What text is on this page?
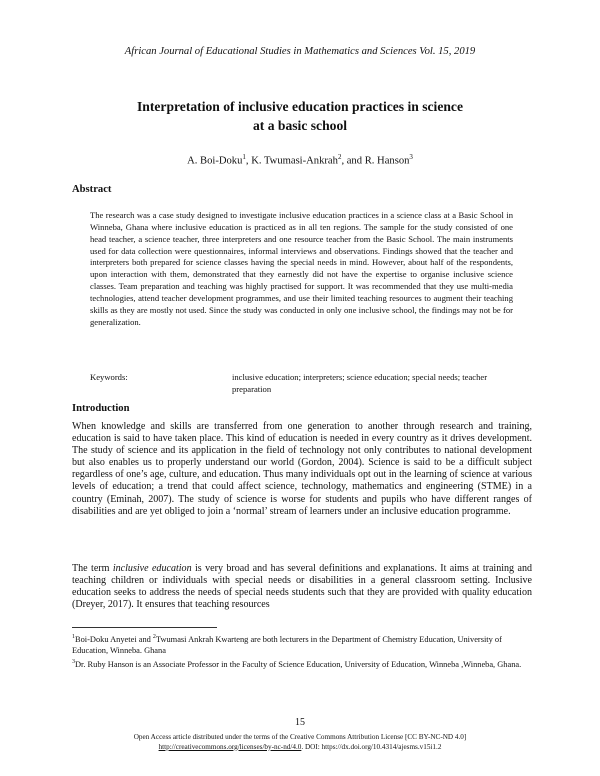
African Journal of Educational Studies in Mathematics and Sciences Vol. 15, 2019
Interpretation of inclusive education practices in science
at a basic school
A. Boi-Doku$^1$, K. Twumasi-Ankrah$^2$, and R. Hanson$^3$
Abstract

The research was a case study designed to investigate inclusive education practices in a science class at a Basic School in Winneba, Ghana where inclusive education is practiced as in all ten regions. The sample for the study consisted of one head teacher, a science teacher, three interpreters and one resource teacher from the Basic School. The main instruments used for data collection were questionnaires, informal interviews and observations. Findings showed that the teacher and interpreters both prepared for science classes having the special needs in mind. However, about half of the respondents, upon interaction with them, demonstrated that they earnestly did not have the expertise to organise inclusive science classes. Team preparation and teaching was highly practised for support. It was recommended that they use multi-media technologies, attend teacher development programmes, and use their limited teaching resources to augment their teaching skills as they are mostly not used. Since the study was conducted in only one inclusive school, the findings may not be for generalization.

Keywords:	inclusive education; interpreters; science education; special needs; teacher preparation
Introduction

When knowledge and skills are transferred from one generation to another through research and training, education is said to have taken place. This kind of education is needed in every country as it drives development. The study of science and its application in the field of technology not only contributes to national development but also enables us to properly understand our world (Gordon, 2004). Science is said to be a difficult subject regardless of one’s age, culture, and education. Thus many individuals opt out in the learning of science at various levels of education; a trend that could affect science, technology, mathematics and engineering (STME) in a country (Eminah, 2007). The study of science is worse for students and pupils who have different ranges of disabilities and are yet obliged to join a ‘normal’ stream of learners under an inclusive education programme.

The term inclusive education is very broad and has several definitions and explanations. It aims at training and teaching children or individuals with special needs or disabilities in a general classroom setting. Inclusive education seeks to address the needs of special needs students such that they are provided with quality education (Dreyer, 2017). It ensures that teaching resources

$^1$Boi-Doku Anyetei and $^2$Twumasi Ankrah Kwarteng are both lecturers in the Department of Chemistry Education, University of Education, Winneba. Ghana

$^3$Dr. Ruby Hanson is an Associate Professor in the Faculty of Science Education, University of Education, Winneba ,Winneba, Ghana.

15
Open Access article distributed under the terms of the Creative Commons Attribution License [CC BY-NC-ND 4.0]
http://creativecommons.org/licenses/by-nc-nd/4.0. DOI: https://dx.doi.org/10.4314/ajesms.v15i1.2
